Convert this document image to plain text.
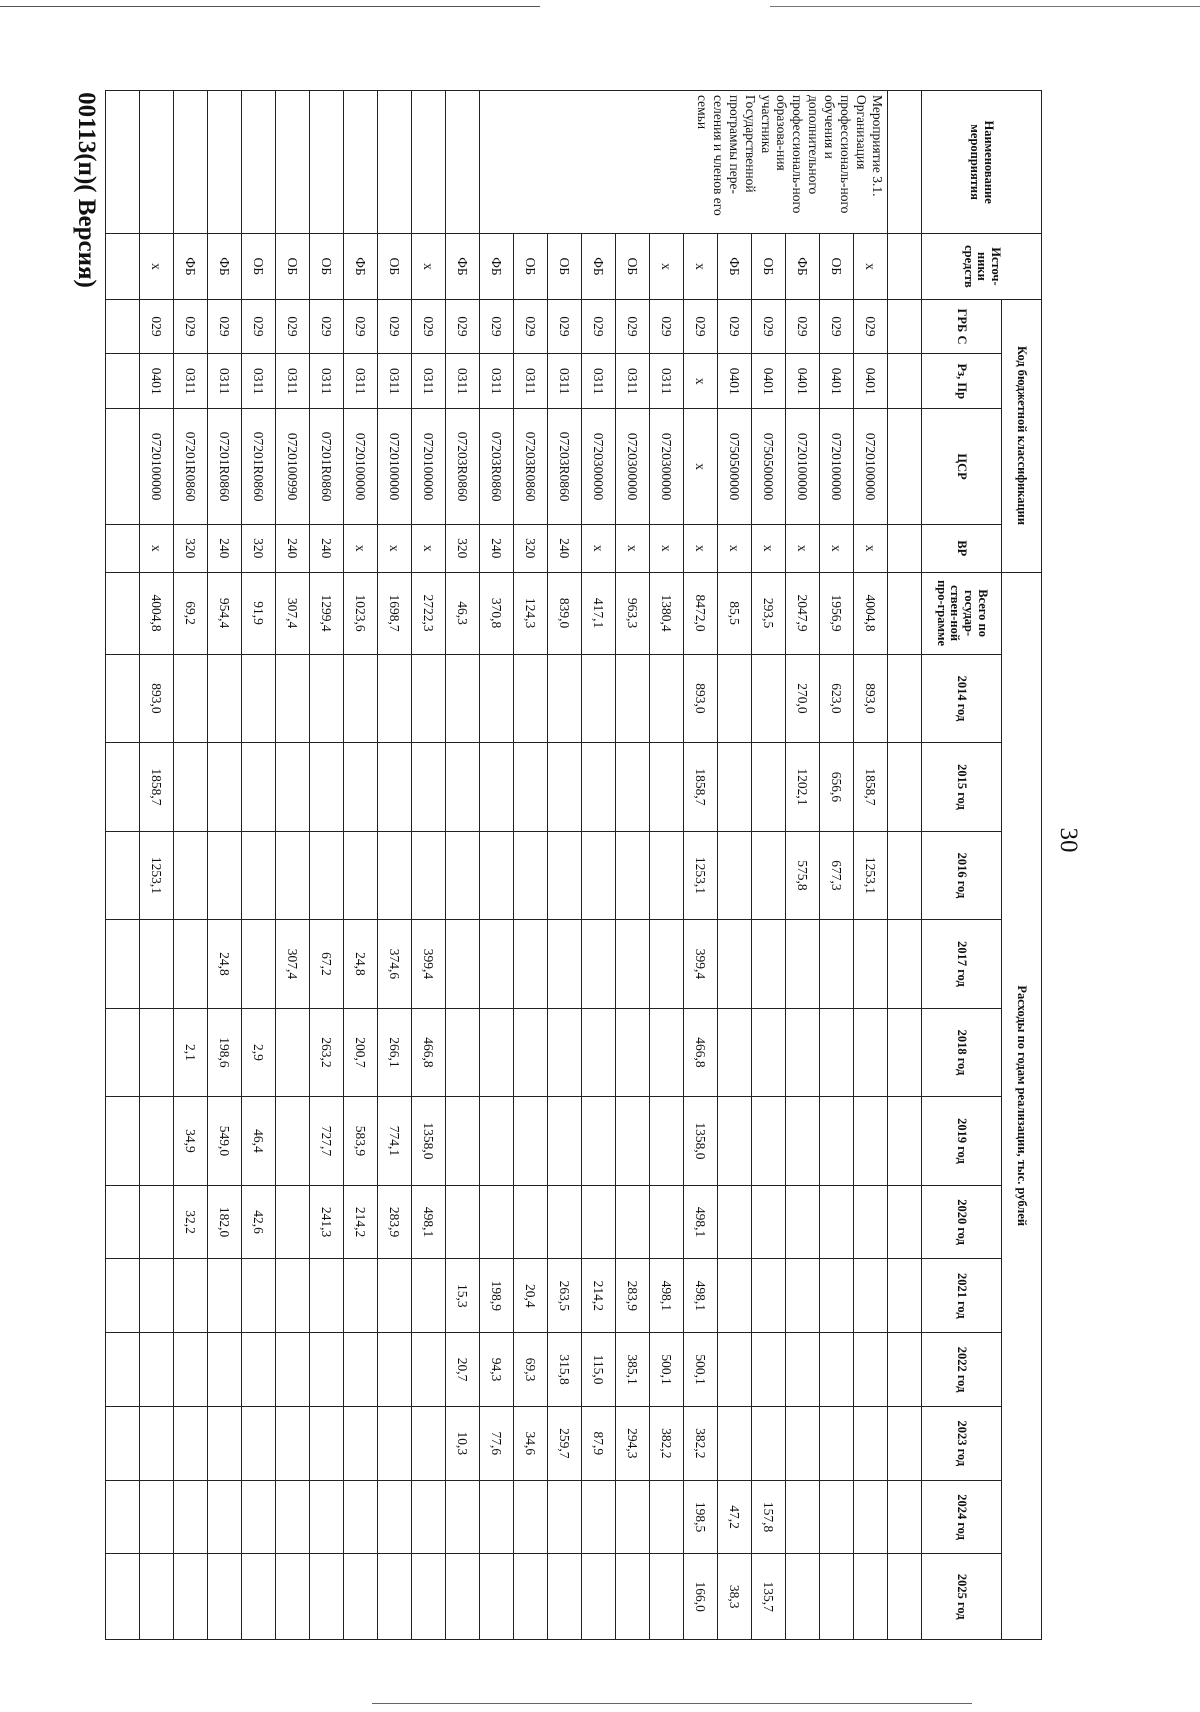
00113(п)( Версия)
30
Наименование мероприятия	Источ-ники средств	Код бюджетной классификации				Расходы по годам реализации, тыс. рублей												
		ГРБ С	Рз, Пр	ЦСР	ВР	Всего по государ-ствен-ной про-грамме	2014 год	2015 год	2016 год	2017 год	2018 год	2019 год	2020 год	2021 год	2022 год	2023 год	2024 год	2025 год

Мероприятие 3.1. Организация профессиональ-ного обучения и дополнительного профессиональ-ного образова-ния участника Государственной программы пере-селения и членов его семьи	х	029	0401	0720100000	х	4004,8	893,0	1858,7	1253,1									
	ОБ	029	0401	0720100000	х	1956,9	623,0	656,6	677,3									
	ФБ	029	0401	0720100000	х	2047,9	270,0	1202,1	575,8									
	ОБ	029	0401	0750500000	х	293,5											157,8	135,7
	ФБ	029	0401	0750500000	х	85,5											47,2	38,3
	х	029	х	х	х	8472,0	893,0	1858,7	1253,1	399,4	466,8	1358,0	498,1	498,1	500,1	382,2	198,5	166,0
	х	029	0311	0720300000	х	1380,4								498,1	500,1	382,2		
	ОБ	029	0311	0720300000	х	963,3								283,9	385,1	294,3		
	ФБ	029	0311	0720300000	х	417,1								214,2	115,0	87,9		
	ОБ	029	0311	07203R0860	240	839,0								263,5	315,8	259,7		
	ОБ	029	0311	07203R0860	320	124,3								20,4	69,3	34,6		
	ФБ	029	0311	07203R0860	240	370,8								198,9	94,3	77,6		
	ФБ	029	0311	07203R0860	320	46,3								15,3	20,7	10,3		
	х	029	0311	0720100000	х	2722,3				399,4	466,8	1358,0	498,1					
	ОБ	029	0311	0720100000	х	1698,7				374,6	266,1	774,1	283,9					
	ФБ	029	0311	0720100000	х	1023,6				24,8	200,7	583,9	214,2					
	ОБ	029	0311	07201R0860	240	1299,4				67,2	263,2	727,7	241,3					
	ОБ	029	0311	0720100990	240	307,4				307,4								
	ОБ	029	0311	07201R0860	320	91,9					2,9	46,4	42,6					
	ФБ	029	0311	07201R0860	240	954,4				24,8	198,6	549,0	182,0					
	ФБ	029	0311	07201R0860	320	69,2					2,1	34,9	32,2					
	х	029	0401	0720100000	х	4004,8	893,0	1858,7	1253,1									
